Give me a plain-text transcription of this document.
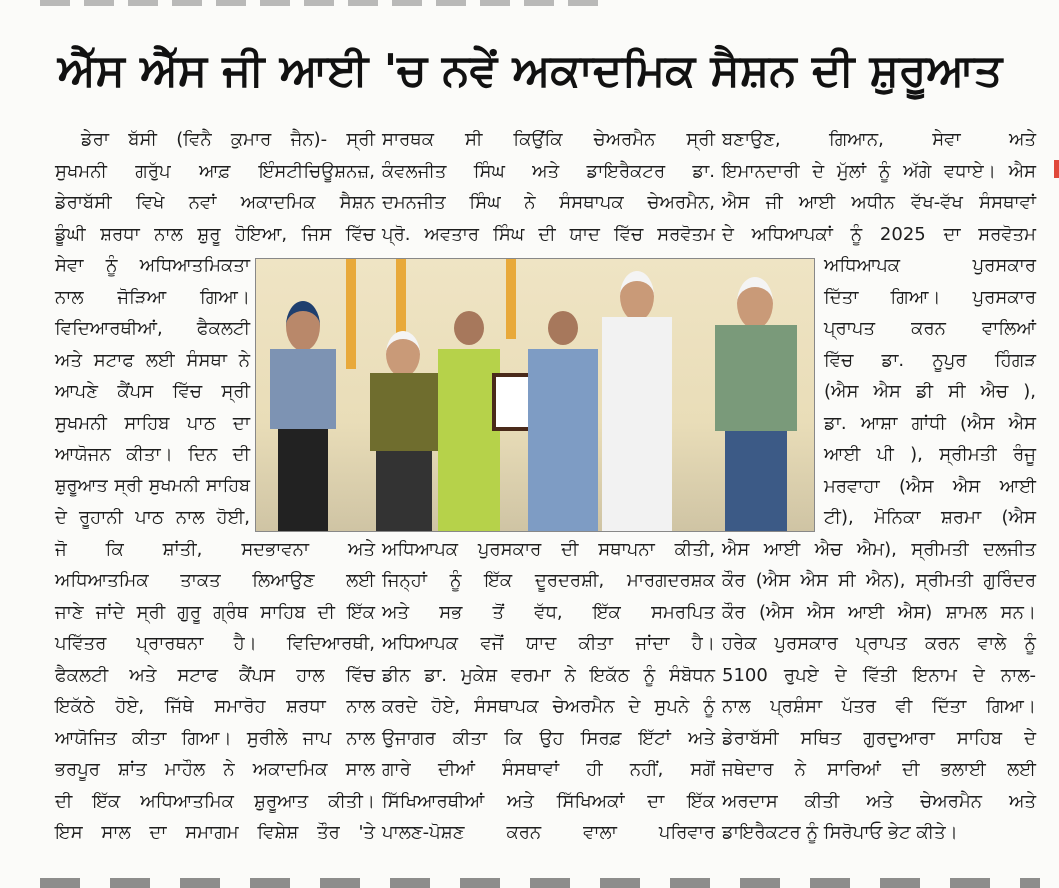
ਐੱਸ ਐੱਸ ਜੀ ਆਈ 'ਚ ਨਵੇਂ ਅਕਾਦਮਿਕ ਸੈਸ਼ਨ ਦੀ ਸ਼ੁਰੂਆਤ
ਡੇਰਾ ਬੱਸੀ (ਵਿਨੈ ਕੁਮਾਰ ਜੈਨ)- ਸ੍ਰੀ
ਸੁਖਮਨੀ ਗਰੁੱਪ ਆਫ਼ ਇੰਸਟੀਚਿਊਸ਼ਨਜ਼,
ਡੇਰਾਬੱਸੀ ਵਿਖੇ ਨਵਾਂ ਅਕਾਦਮਿਕ ਸੈਸ਼ਨ
ਡੂੰਘੀ ਸ਼ਰਧਾ ਨਾਲ ਸ਼ੁਰੂ ਹੋਇਆ, ਜਿਸ ਵਿੱਚ
ਸੇਵਾ ਨੂੰ ਅਧਿਆਤਮਿਕਤਾ
ਨਾਲ ਜੋੜਿਆ ਗਿਆ।
ਵਿਦਿਆਰਥੀਆਂ, ਫੈਕਲਟੀ
ਅਤੇ ਸਟਾਫ ਲਈ ਸੰਸਥਾ ਨੇ
ਆਪਣੇ ਕੈਂਪਸ ਵਿੱਚ ਸ੍ਰੀ
ਸੁਖਮਨੀ ਸਾਹਿਬ ਪਾਠ ਦਾ
ਆਯੋਜਨ ਕੀਤਾ। ਦਿਨ ਦੀ
ਸ਼ੁਰੂਆਤ ਸ੍ਰੀ ਸੁਖਮਨੀ ਸਾਹਿਬ
ਦੇ ਰੂਹਾਨੀ ਪਾਠ ਨਾਲ ਹੋਈ,
ਜੋ ਕਿ ਸ਼ਾਂਤੀ, ਸਦਭਾਵਨਾ ਅਤੇ
ਅਧਿਆਤਮਿਕ ਤਾਕਤ ਲਿਆਉਣ ਲਈ
ਜਾਣੇ ਜਾਂਦੇ ਸ੍ਰੀ ਗੁਰੂ ਗ੍ਰੰਥ ਸਾਹਿਬ ਦੀ ਇੱਕ
ਪਵਿੱਤਰ ਪ੍ਰਾਰਥਨਾ ਹੈ। ਵਿਦਿਆਰਥੀ,
ਫੈਕਲਟੀ ਅਤੇ ਸਟਾਫ ਕੈਂਪਸ ਹਾਲ ਵਿੱਚ
ਇਕੱਠੇ ਹੋਏ, ਜਿੱਥੇ ਸਮਾਰੋਹ ਸ਼ਰਧਾ ਨਾਲ
ਆਯੋਜਿਤ ਕੀਤਾ ਗਿਆ। ਸੁਰੀਲੇ ਜਾਪ ਨਾਲ
ਭਰਪੂਰ ਸ਼ਾਂਤ ਮਾਹੌਲ ਨੇ ਅਕਾਦਮਿਕ ਸਾਲ
ਦੀ ਇੱਕ ਅਧਿਆਤਮਿਕ ਸ਼ੁਰੂਆਤ ਕੀਤੀ।
ਇਸ ਸਾਲ ਦਾ ਸਮਾਗਮ ਵਿਸ਼ੇਸ਼ ਤੌਰ 'ਤੇ
ਸਾਰਥਕ ਸੀ ਕਿਉਂਕਿ ਚੇਅਰਮੈਨ ਸ੍ਰੀ
ਕੰਵਲਜੀਤ ਸਿੰਘ ਅਤੇ ਡਾਇਰੈਕਟਰ ਡਾ.
ਦਮਨਜੀਤ ਸਿੰਘ ਨੇ ਸੰਸਥਾਪਕ ਚੇਅਰਮੈਨ,
ਪ੍ਰੋ. ਅਵਤਾਰ ਸਿੰਘ ਦੀ ਯਾਦ ਵਿੱਚ ਸਰਵੋਤਮ
ਅਧਿਆਪਕ ਪੁਰਸਕਾਰ ਦੀ ਸਥਾਪਨਾ ਕੀਤੀ,
ਜਿਨ੍ਹਾਂ ਨੂੰ ਇੱਕ ਦੂਰਦਰਸ਼ੀ, ਮਾਰਗਦਰਸ਼ਕ
ਅਤੇ ਸਭ ਤੋਂ ਵੱਧ, ਇੱਕ ਸਮਰਪਿਤ
ਅਧਿਆਪਕ ਵਜੋਂ ਯਾਦ ਕੀਤਾ ਜਾਂਦਾ ਹੈ।
ਡੀਨ ਡਾ. ਮੁਕੇਸ਼ ਵਰਮਾ ਨੇ ਇਕੱਠ ਨੂੰ ਸੰਬੋਧਨ
ਕਰਦੇ ਹੋਏ, ਸੰਸਥਾਪਕ ਚੇਅਰਮੈਨ ਦੇ ਸੁਪਨੇ ਨੂੰ
ਉਜਾਗਰ ਕੀਤਾ ਕਿ ਉਹ ਸਿਰਫ਼ ਇੱਟਾਂ ਅਤੇ
ਗਾਰੇ ਦੀਆਂ ਸੰਸਥਾਵਾਂ ਹੀ ਨਹੀਂ, ਸਗੋਂ
ਸਿੱਖਿਆਰਥੀਆਂ ਅਤੇ ਸਿੱਖਿਅਕਾਂ ਦਾ ਇੱਕ
ਪਾਲਣ-ਪੋਸ਼ਣ ਕਰਨ ਵਾਲਾ ਪਰਿਵਾਰ
ਬਣਾਉਣ, ਗਿਆਨ, ਸੇਵਾ ਅਤੇ
ਇਮਾਨਦਾਰੀ ਦੇ ਮੁੱਲਾਂ ਨੂੰ ਅੱਗੇ ਵਧਾਏ। ਐਸ
ਐਸ ਜੀ ਆਈ ਅਧੀਨ ਵੱਖ-ਵੱਖ ਸੰਸਥਾਵਾਂ
ਦੇ ਅਧਿਆਪਕਾਂ ਨੂੰ 2025 ਦਾ ਸਰਵੋਤਮ
ਅਧਿਆਪਕ ਪੁਰਸਕਾਰ
ਦਿੱਤਾ ਗਿਆ। ਪੁਰਸਕਾਰ
ਪ੍ਰਾਪਤ ਕਰਨ ਵਾਲਿਆਂ
ਵਿੱਚ ਡਾ. ਨੂਪੁਰ ਹਿੰਗੜ
(ਐਸ ਐਸ ਡੀ ਸੀ ਐਚ ),
ਡਾ. ਆਸ਼ਾ ਗਾਂਧੀ (ਐਸ ਐਸ
ਆਈ ਪੀ ), ਸ੍ਰੀਮਤੀ ਰੰਜੂ
ਮਰਵਾਹਾ (ਐਸ ਐਸ ਆਈ
ਟੀ), ਮੋਨਿਕਾ ਸ਼ਰਮਾ (ਐਸ
ਐਸ ਆਈ ਐਚ ਐਮ), ਸ੍ਰੀਮਤੀ ਦਲਜੀਤ
ਕੌਰ (ਐਸ ਐਸ ਸੀ ਐਨ), ਸ੍ਰੀਮਤੀ ਗੁਰਿੰਦਰ
ਕੌਰ (ਐਸ ਐਸ ਆਈ ਐਸ) ਸ਼ਾਮਲ ਸਨ।
ਹਰੇਕ ਪੁਰਸਕਾਰ ਪ੍ਰਾਪਤ ਕਰਨ ਵਾਲੇ ਨੂੰ
5100 ਰੁਪਏ ਦੇ ਵਿੱਤੀ ਇਨਾਮ ਦੇ ਨਾਲ-
ਨਾਲ ਪ੍ਰਸ਼ੰਸਾ ਪੱਤਰ ਵੀ ਦਿੱਤਾ ਗਿਆ।
ਡੇਰਾਬੱਸੀ ਸਥਿਤ ਗੁਰਦੁਆਰਾ ਸਾਹਿਬ ਦੇ
ਜਥੇਦਾਰ ਨੇ ਸਾਰਿਆਂ ਦੀ ਭਲਾਈ ਲਈ
ਅਰਦਾਸ ਕੀਤੀ ਅਤੇ ਚੇਅਰਮੈਨ ਅਤੇ
ਡਾਇਰੈਕਟਰ ਨੂੰ ਸਿਰੋਪਾਓ ਭੇਟ ਕੀਤੇ।
